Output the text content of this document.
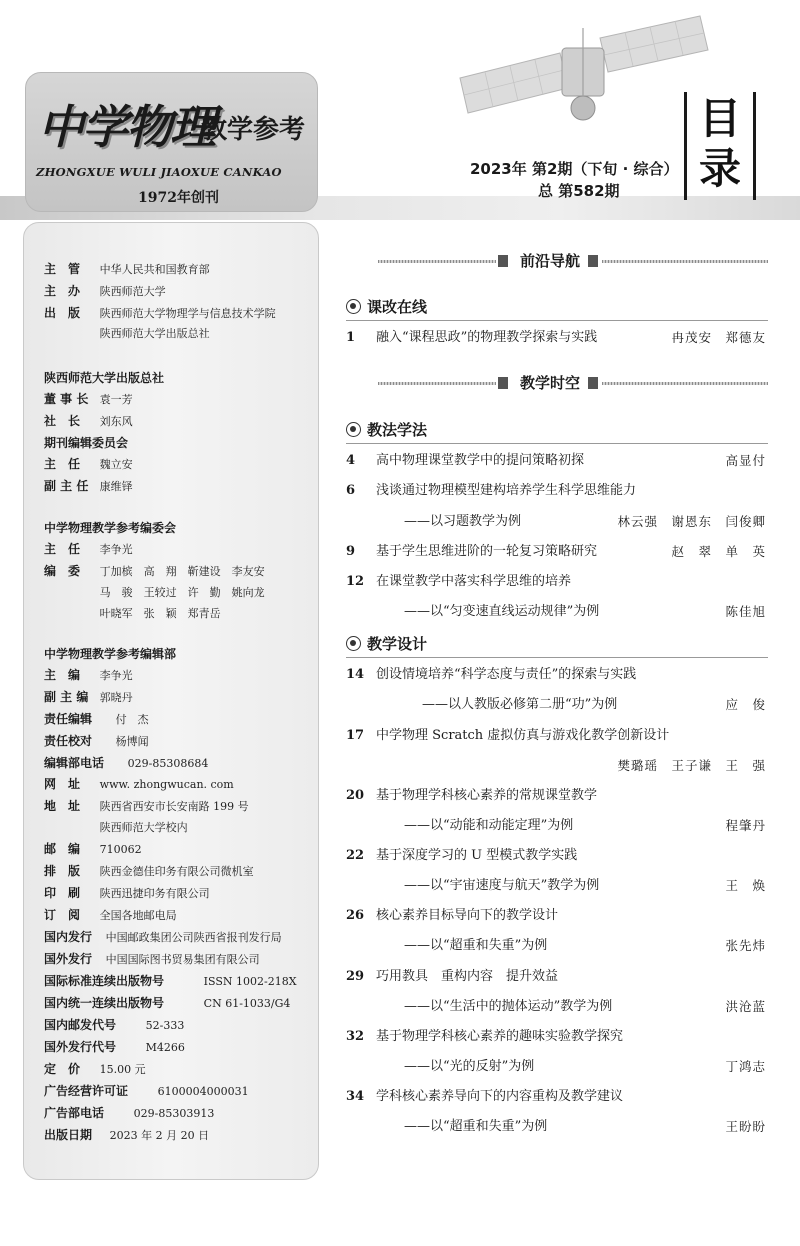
中学物理
教学参考
ZHONGXUE WULI JIAOXUE CANKAO
1972年创刊
2023年 第2期（下旬 · 综合）
总 第582期
目
录
主　管 中华人民共和国教育部
主　办 陕西师范大学
出　版 陕西师范大学物理学与信息技术学院
陕西师范大学出版总社
陕西师范大学出版总社
董 事 长 袁一芳
社　长 刘东风
期刊编辑委员会
主　任 魏立安
副 主 任 康维铎
中学物理教学参考编委会
主　任 李争光
编　委 丁加槟　高　翔　靳建设　李友安
马　骏　王较过　许　勤　姚向龙
叶晓军　张　颖　郑青岳
中学物理教学参考编辑部
主　编 李争光
副 主 编 郭晓丹
责任编辑 付　杰
责任校对 杨博闻
编辑部电话 029-85308684
网　址 www. zhongwucan. com
地　址 陕西省西安市长安南路 199 号
陕西师范大学校内
邮　编 710062
排　版 陕西金德佳印务有限公司微机室
印　刷 陕西迅捷印务有限公司
订　阅 全国各地邮电局
国内发行 中国邮政集团公司陕西省报刊发行局
国外发行 中国国际图书贸易集团有限公司
国际标准连续出版物号	ISSN 1002-218X
国内统一连续出版物号	CN 61-1033/G4
国内邮发代号	52-333
国外发行代号	M4266
定　价 15.00 元
广告经营许可证	6100004000031
广告部电话	029-85303913
出版日期 2023 年 2 月 20 日
前沿导航
课改在线
1 融入“课程思政”的物理教学探索与实践	冉茂安　郑德友
教学时空
教法学法
4 高中物理课堂教学中的提问策略初探	高显付
6 浅谈通过物理模型建构培养学生科学思维能力
——以习题教学为例	林云强　谢恩东　闫俊卿
9 基于学生思维进阶的一轮复习策略研究	赵　翠　单　英
12 在课堂教学中落实科学思维的培养
——以“匀变速直线运动规律”为例	陈佳旭
教学设计
14 创设情境培养“科学态度与责任”的探索与实践
——以人教版必修第二册“功”为例	应　俊
17 中学物理 Scratch 虚拟仿真与游戏化教学创新设计
樊璐瑶　王子谦　王　强
20 基于物理学科核心素养的常规课堂教学
——以“动能和动能定理”为例	程肇丹
22 基于深度学习的 U 型模式教学实践
——以“宇宙速度与航天”教学为例	王　焕
26 核心素养目标导向下的教学设计
——以“超重和失重”为例	张先炜
29 巧用教具　重构内容　提升效益
——以“生活中的抛体运动”教学为例	洪沧蓝
32 基于物理学科核心素养的趣味实验教学探究
——以“光的反射”为例	丁鸿志
34 学科核心素养导向下的内容重构及教学建议
——以“超重和失重”为例	王盼盼
